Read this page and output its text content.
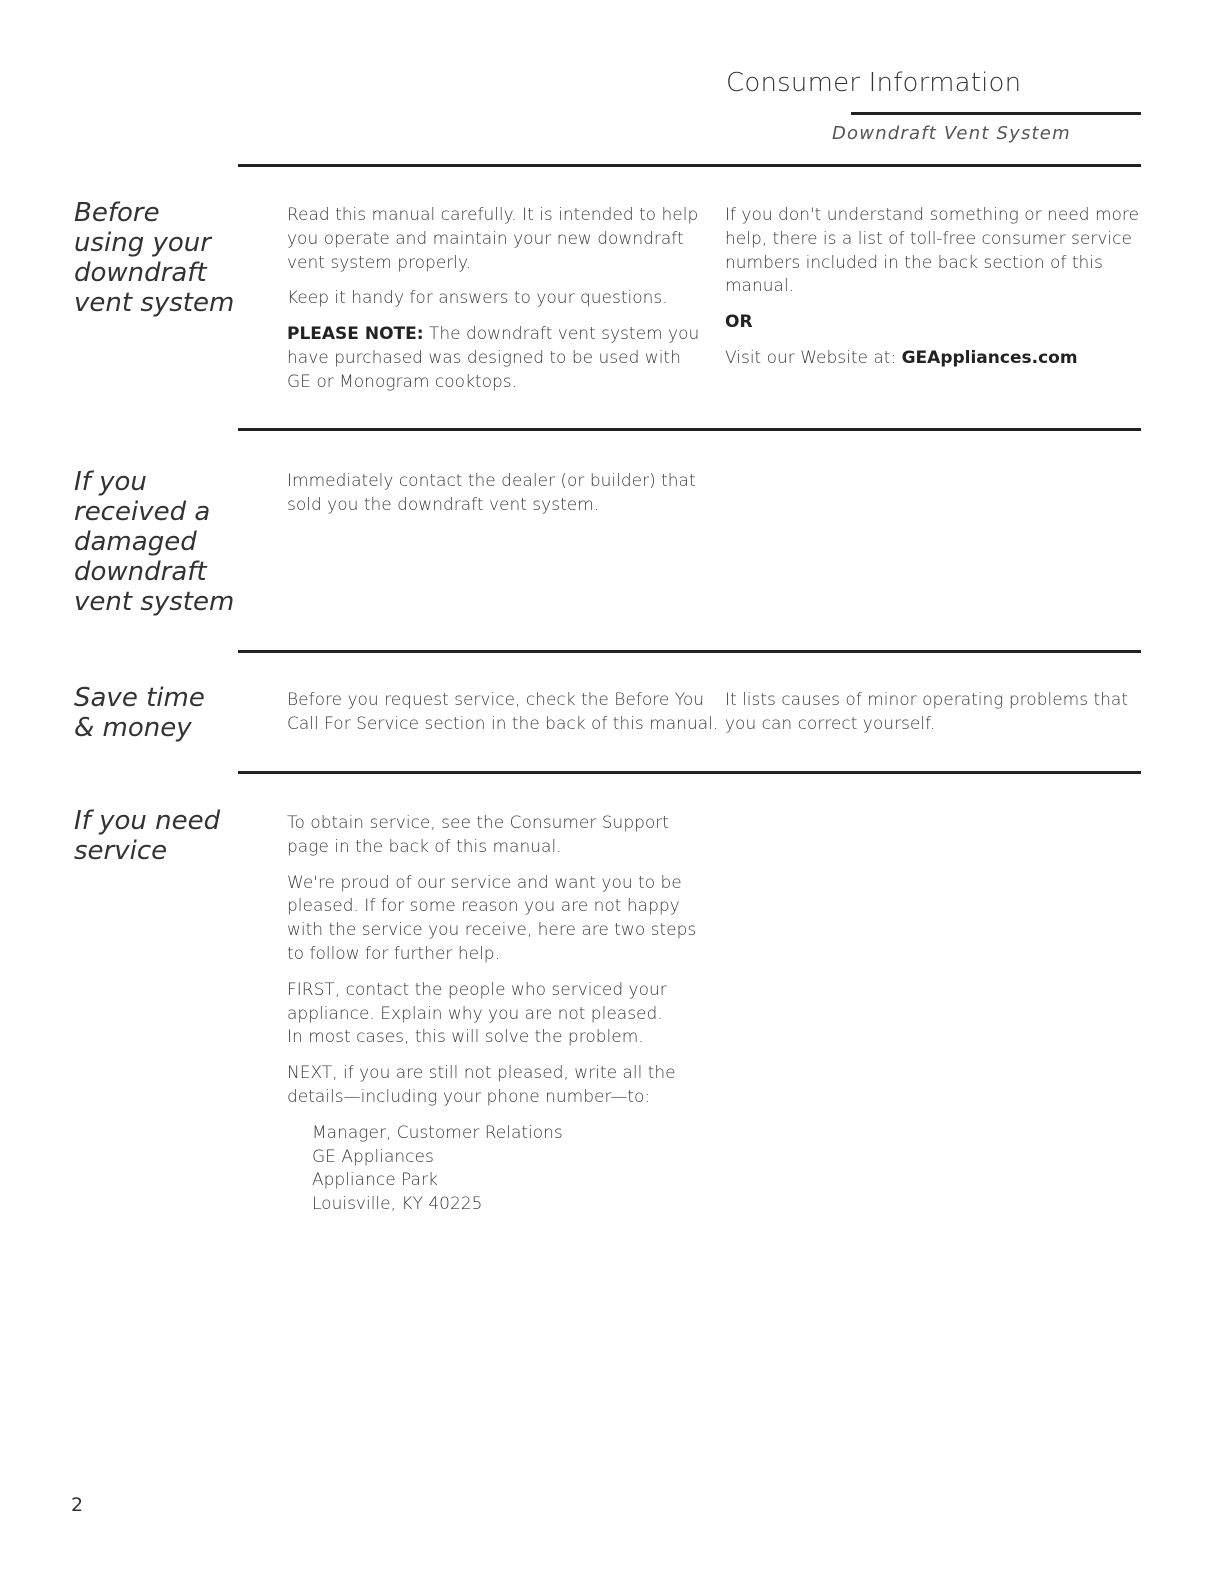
Consumer Information
Downdraft Vent System
Before
using your
downdraft
vent system

Read this manual carefully. It is intended to help
you operate and maintain your new downdraft
vent system properly.

Keep it handy for answers to your questions.

PLEASE NOTE: The downdraft vent system you
have purchased was designed to be used with
GE or Monogram cooktops.

If you don't understand something or need more
help, there is a list of toll-free consumer service
numbers included in the back section of this
manual.

OR

Visit our Website at: GEAppliances.com

If you
received a
damaged
downdraft
vent system

Immediately contact the dealer (or builder) that
sold you the downdraft vent system.

Save time
& money

Before you request service, check the Before You
Call For Service section in the back of this manual.

It lists causes of minor operating problems that
you can correct yourself.

If you need
service

To obtain service, see the Consumer Support
page in the back of this manual.

We're proud of our service and want you to be
pleased. If for some reason you are not happy
with the service you receive, here are two steps
to follow for further help.

FIRST, contact the people who serviced your
appliance. Explain why you are not pleased.
In most cases, this will solve the problem.

NEXT, if you are still not pleased, write all the
details—including your phone number—to:

Manager, Customer Relations
GE Appliances
Appliance Park
Louisville, KY 40225

2
